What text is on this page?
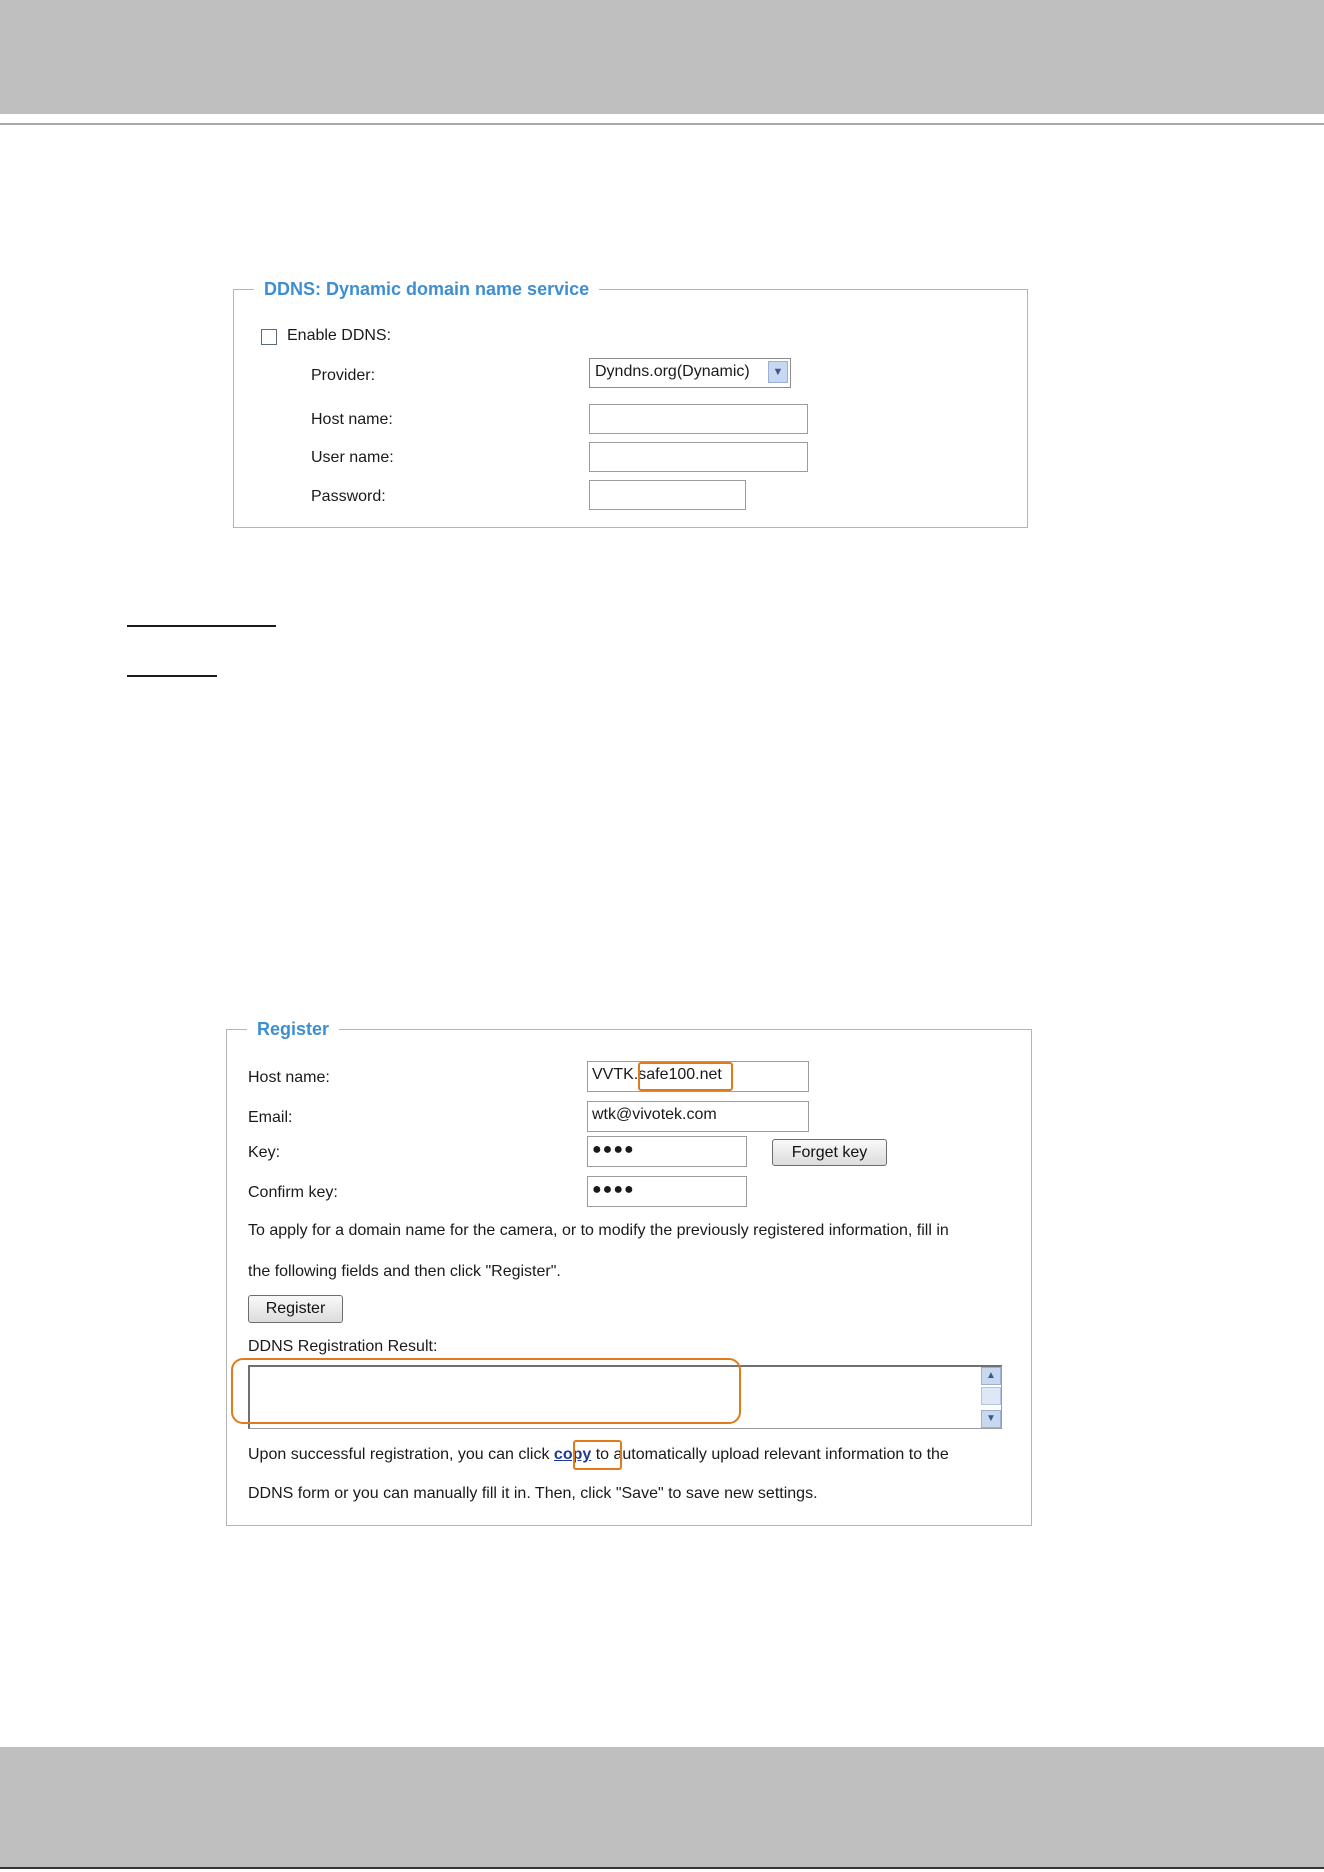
DDNS: Dynamic domain name service
Enable DDNS:
Provider:	Dyndns.org(Dynamic)	▼
Host name:
User name:
Password:
Register
Host name:	VVTK.safe100.net
Email:	wtk@vivotek.com
Key:	●●●●	Forget key
Confirm key:	●●●●
To apply for a domain name for the camera, or to modify the previously registered information, fill in
the following fields and then click "Register".
Register
DDNS Registration Result:
▲
▼
Upon successful registration, you can click copy to automatically upload relevant information to the
DDNS form or you can manually fill it in. Then, click "Save" to save new settings.
